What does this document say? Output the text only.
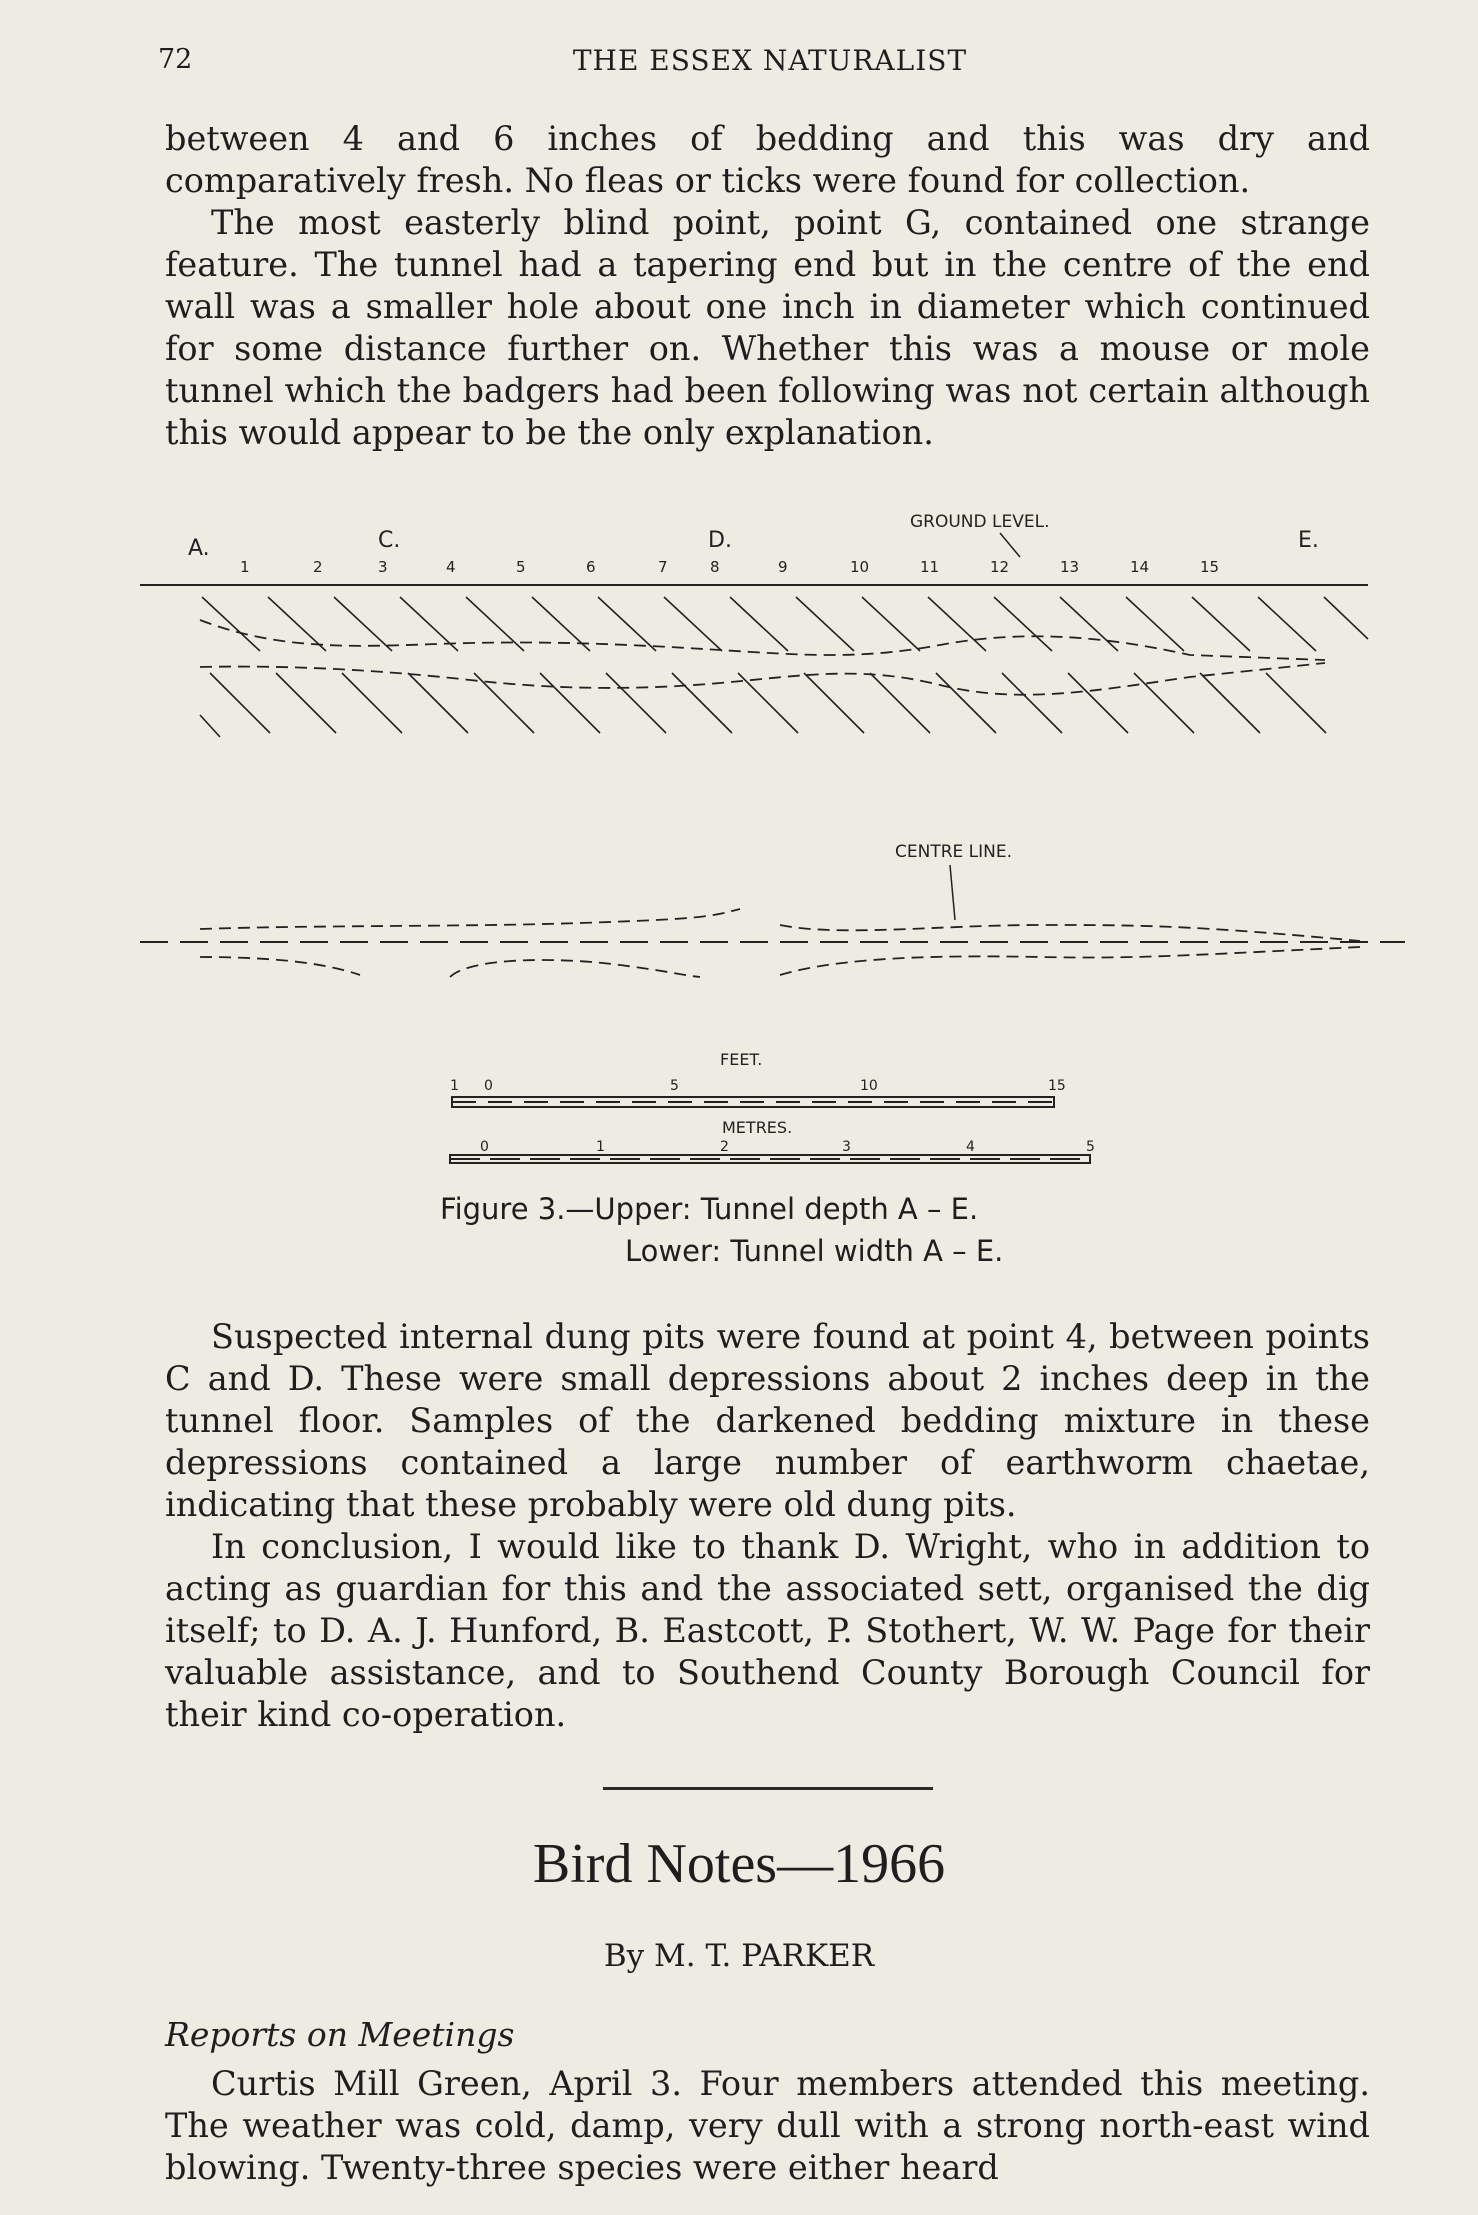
72	THE ESSEX NATURALIST

between 4 and 6 inches of bedding and this was dry and comparatively fresh. No fleas or ticks were found for collection.

The most easterly blind point, point G, contained one strange feature. The tunnel had a tapering end but in the centre of the end wall was a smaller hole about one inch in diameter which continued for some distance further on. Whether this was a mouse or mole tunnel which the badgers had been following was not certain although this would appear to be the only explanation.

A.	C.	D.	E.
GROUND LEVEL.
1	2	3	4	5	6	7	8	9	10	11	12	13	14	15
CENTRE LINE.
FEET.
1 0	5	10	15
METRES.
0	1	2	3	4	5
Figure 3.—Upper: Tunnel depth A – E.
Lower: Tunnel width A – E.

Suspected internal dung pits were found at point 4, between points C and D. These were small depressions about 2 inches deep in the tunnel floor. Samples of the darkened bedding mixture in these depressions contained a large number of earthworm chaetae, indicating that these probably were old dung pits.

In conclusion, I would like to thank D. Wright, who in addition to acting as guardian for this and the associated sett, organised the dig itself; to D. A. J. Hunford, B. Eastcott, P. Stothert, W. W. Page for their valuable assistance, and to Southend County Borough Council for their kind co-operation.

Bird Notes—1966
By M. T. PARKER
Reports on Meetings

Curtis Mill Green, April 3. Four members attended this meeting. The weather was cold, damp, very dull with a strong north-east wind blowing. Twenty-three species were either heard
